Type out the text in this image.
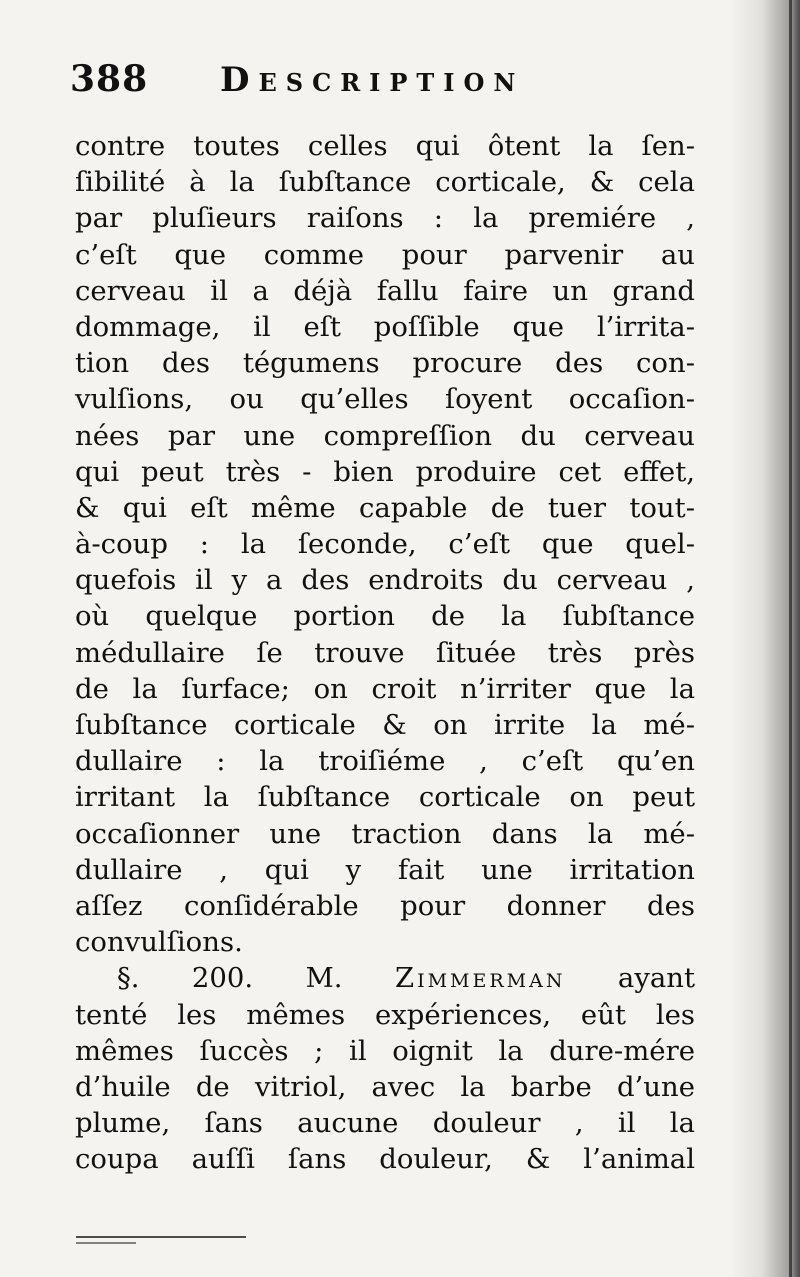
388 Description
contre toutes celles qui ôtent la ſen-
ſibilité à la ſubſtance corticale, & cela
par pluſieurs raiſons : la premiére ,
c’eſt que comme pour parvenir au
cerveau il a déjà fallu faire un grand
dommage, il eſt poſſible que l’irrita-
tion des tégumens procure des con-
vulſions, ou qu’elles ſoyent occaſion-
nées par une compreſſion du cerveau
qui peut très - bien produire cet effet,
& qui eſt même capable de tuer tout-
à-coup : la ſeconde, c’eſt que quel-
quefois il y a des endroits du cerveau ,
où quelque portion de la ſubſtance
médullaire ſe trouve ſituée très près
de la ſurface; on croit n’irriter que la
ſubſtance corticale & on irrite la mé-
dullaire : la troiſiéme , c’eſt qu’en
irritant la ſubſtance corticale on peut
occaſionner une traction dans la mé-
dullaire , qui y fait une irritation
aſſez conſidérable pour donner des
convulſions.
§. 200. M. Zimmerman ayant
tenté les mêmes expériences, eût les
mêmes ſuccès ; il oignit la dure-mére
d’huile de vitriol, avec la barbe d’une
plume, ſans aucune douleur , il la
coupa auſſi ſans douleur, & l’animal
